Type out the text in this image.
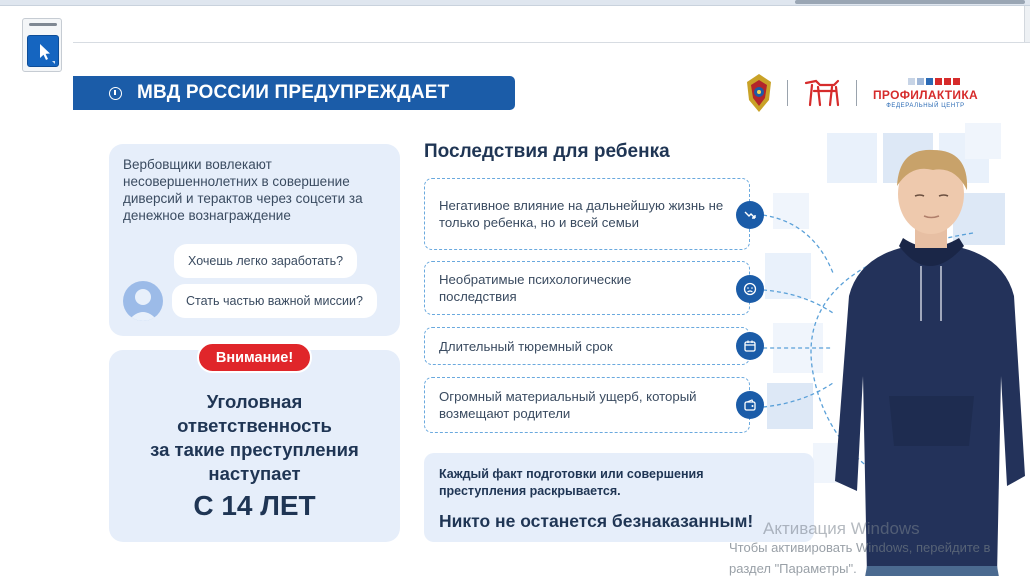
МВД РОССИИ ПРЕДУПРЕЖДАЕТ	ПРОФИЛАКТИКА
ФЕДЕРАЛЬНЫЙ ЦЕНТР
Вербовщики вовлекают несовершеннолетних в совершение диверсий и терактов через соцсети за денежное вознаграждение
Хочешь легко заработать?
Стать частью важной миссии?
Уголовная
ответственность
за такие преступления
наступает
С 14 ЛЕТ
Внимание!
Последствия для ребенка
Негативное влияние на дальнейшую жизнь не только ребенка, но и всей семьи
Необратимые психологические последствия
Длительный тюремный срок
Огромный материальный ущерб, который возмещают родители
Каждый факт подготовки или совершения преступления раскрывается.
Никто не останется безнаказанным! Активация Windows
Чтобы активировать Windows, перейдите в
раздел "Параметры".
